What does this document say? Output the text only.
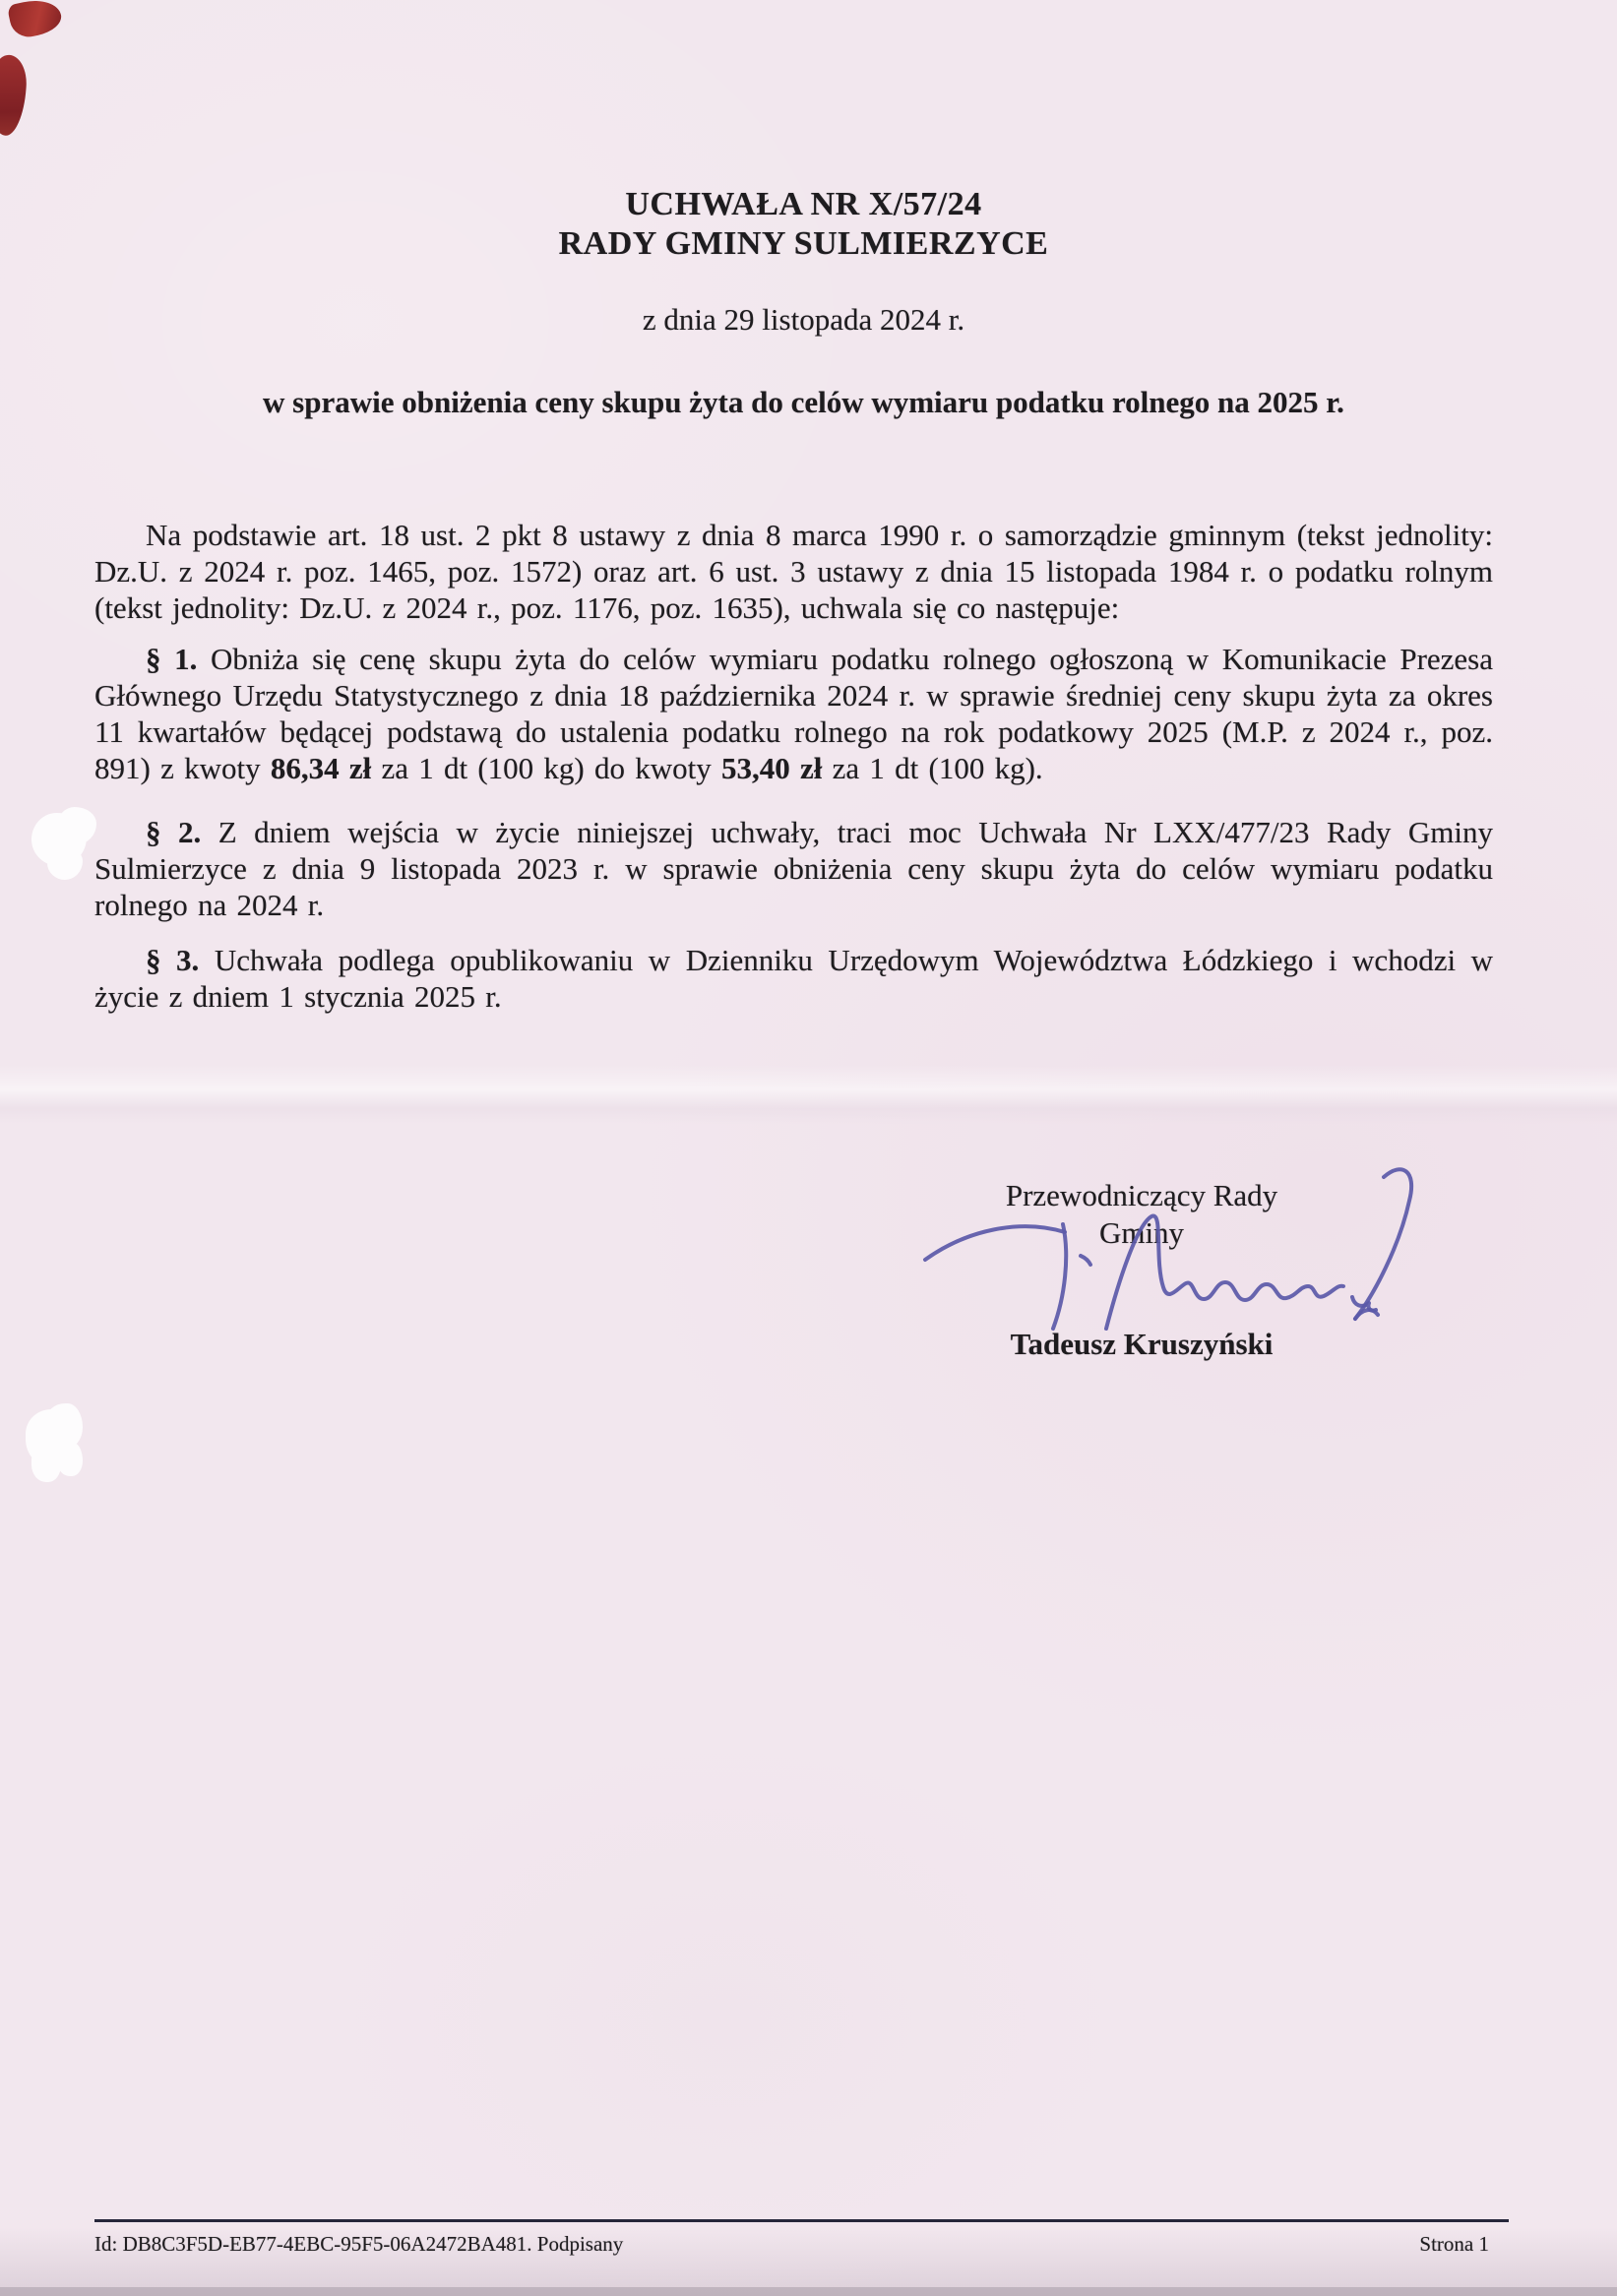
UCHWAŁA NR X/57/24
RADY GMINY SULMIERZYCE
z dnia 29 listopada 2024 r.
w sprawie obniżenia ceny skupu żyta do celów wymiaru podatku rolnego na 2025 r.

Na podstawie art. 18 ust. 2 pkt 8 ustawy z dnia 8 marca 1990 r. o samorządzie gminnym (tekst jednolity: Dz.U. z 2024 r. poz. 1465, poz. 1572) oraz art. 6 ust. 3 ustawy z dnia 15 listopada 1984 r. o podatku rolnym (tekst jednolity: Dz.U. z 2024 r., poz. 1176, poz. 1635), uchwala się co następuje:

§ 1. Obniża się cenę skupu żyta do celów wymiaru podatku rolnego ogłoszoną w Komunikacie Prezesa Głównego Urzędu Statystycznego z dnia 18 października 2024 r. w sprawie średniej ceny skupu żyta za okres 11 kwartałów będącej podstawą do ustalenia podatku rolnego na rok podatkowy 2025 (M.P. z 2024 r., poz. 891) z kwoty 86,34 zł za 1 dt (100 kg) do kwoty 53,40 zł za 1 dt (100 kg).

§ 2. Z dniem wejścia w życie niniejszej uchwały, traci moc Uchwała Nr LXX/477/23 Rady Gminy Sulmierzyce z dnia 9 listopada 2023 r. w sprawie obniżenia ceny skupu żyta do celów wymiaru podatku rolnego na 2024 r.

§ 3. Uchwała podlega opublikowaniu w Dzienniku Urzędowym Województwa Łódzkiego i wchodzi w życie z dniem 1 stycznia 2025 r.

Przewodniczący Rady
Gminy
Tadeusz Kruszyński
Id: DB8C3F5D-EB77-4EBC-95F5-06A2472BA481. Podpisany	Strona 1
